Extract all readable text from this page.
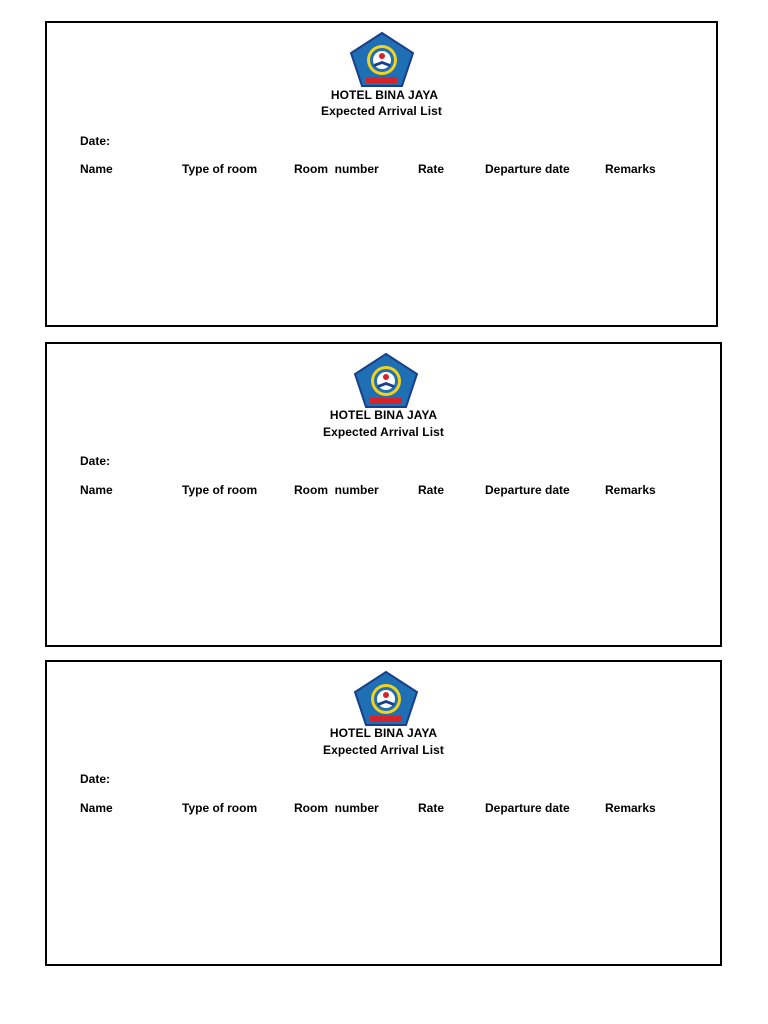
HOTEL BINA JAYA
Expected Arrival List
Date:
Name	Type of room	Room  number	Rate	Departure date	Remarks
HOTEL BINA JAYA
Expected Arrival List
Date:
Name	Type of room	Room  number	Rate	Departure date	Remarks
HOTEL BINA JAYA
Expected Arrival List
Date:
Name	Type of room	Room  number	Rate	Departure date	Remarks
